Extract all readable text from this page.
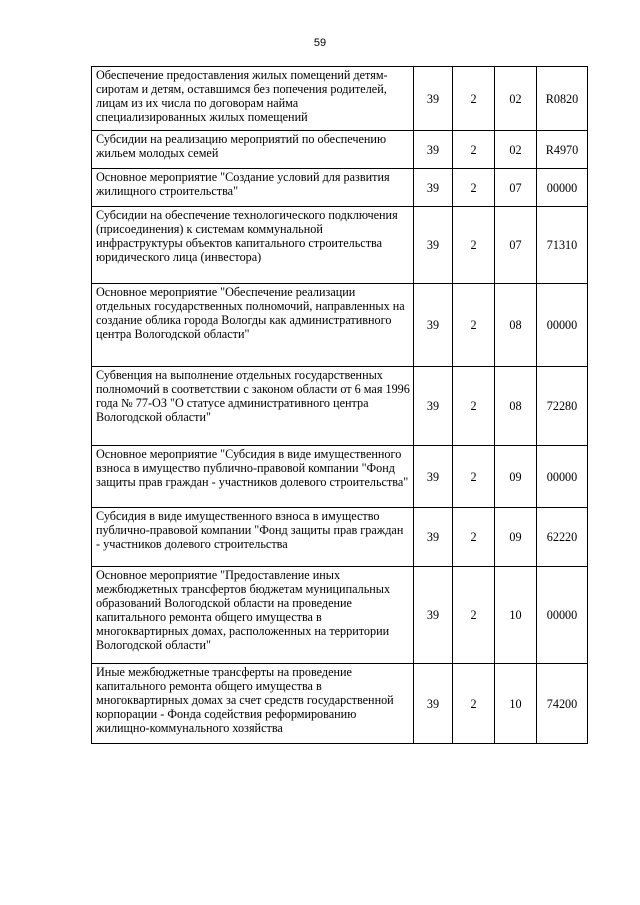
59
Обеспечение предоставления жилых помещений детям-сиротам и детям, оставшимся без попечения родителей, лицам из их числа по договорам найма специализированных жилых помещений	39	2	02	R0820
Субсидии на реализацию мероприятий по обеспечению жильем молодых семей	39	2	02	R4970
Основное мероприятие "Создание условий для развития жилищного строительства"	39	2	07	00000
Субсидии на обеспечение технологического подключения (присоединения) к системам коммунальной инфраструктуры объектов капитального строительства юридического лица (инвестора)	39	2	07	71310
Основное мероприятие "Обеспечение реализации отдельных государственных полномочий, направленных на создание облика города Вологды как административного центра Вологодской области"	39	2	08	00000
Субвенция на выполнение отдельных государственных полномочий в соответствии с законом области от 6 мая 1996 года № 77-ОЗ "О статусе административного центра Вологодской области"	39	2	08	72280
Основное мероприятие "Субсидия в виде имущественного взноса в имущество публично-правовой компании "Фонд защиты прав граждан - участников долевого строительства"	39	2	09	00000
Субсидия в виде имущественного взноса в имущество публично-правовой компании "Фонд защиты прав граждан - участников долевого строительства	39	2	09	62220
Основное мероприятие "Предоставление иных межбюджетных трансфертов бюджетам муниципальных образований Вологодской области на проведение капитального ремонта общего имущества в многоквартирных домах, расположенных на территории Вологодской области"	39	2	10	00000
Иные межбюджетные трансферты на проведение капитального ремонта общего имущества в многоквартирных домах за счет средств государственной корпорации - Фонда содействия реформированию жилищно-коммунального хозяйства	39	2	10	74200
